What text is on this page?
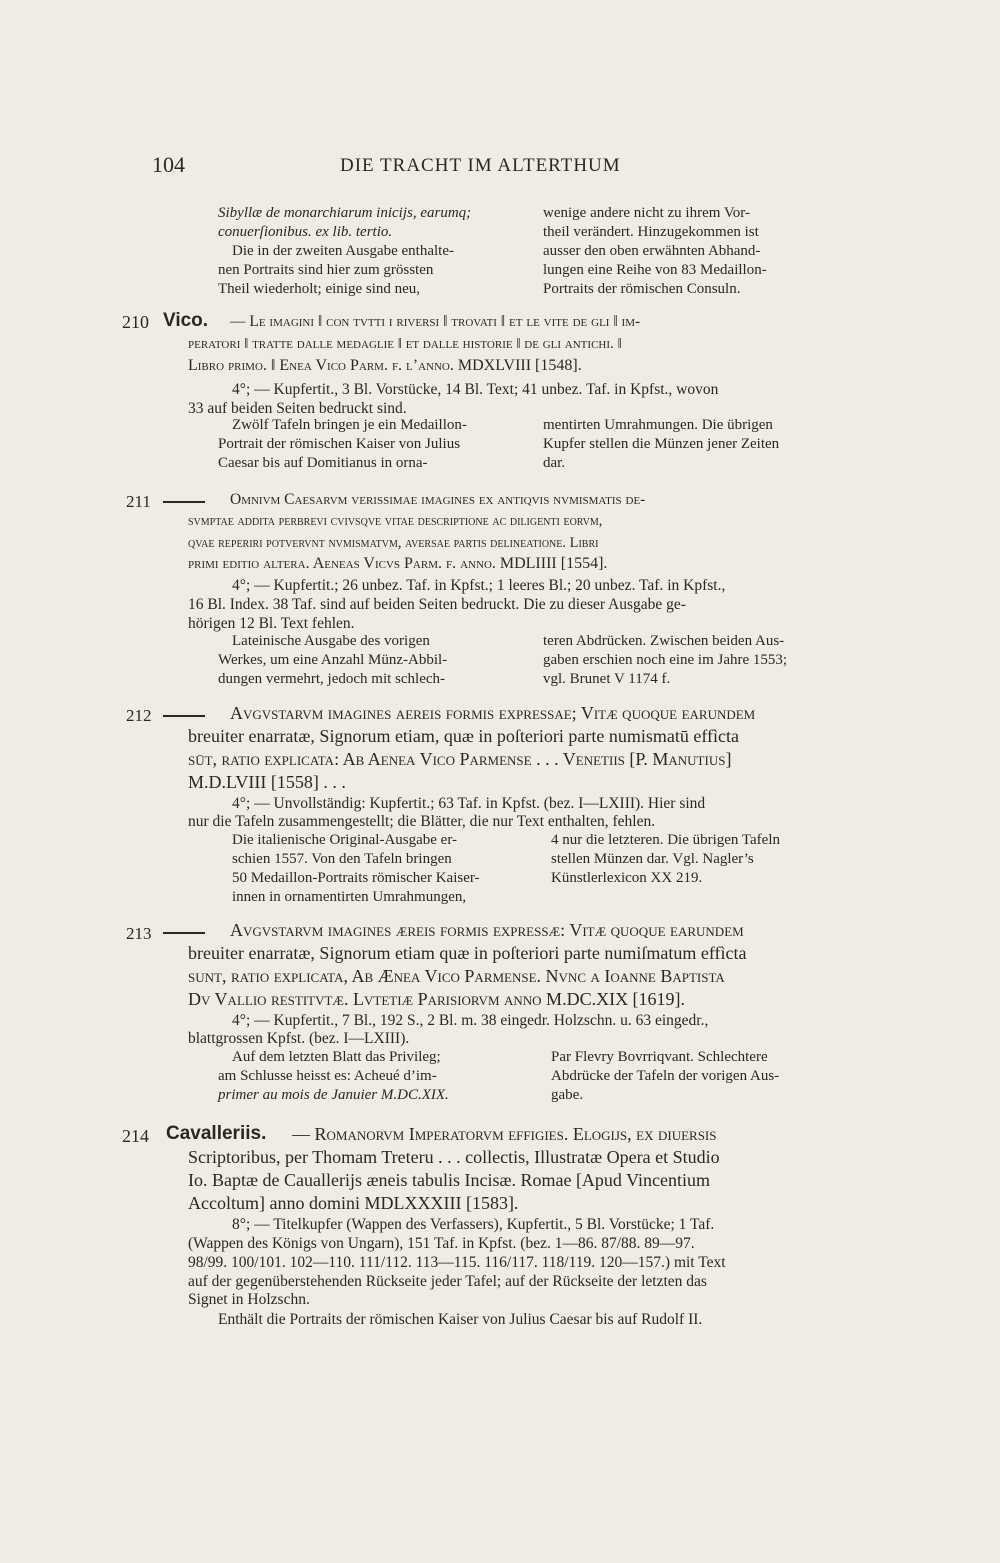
104	DIE TRACHT IM ALTERTHUM
Sibyllæ de monarchiarum inicijs, earumq;
conuerſionibus. ex lib. tertio.
Die in der zweiten Ausgabe enthalte-
nen Portraits sind hier zum grössten
Theil wiederholt; einige sind neu,
wenige andere nicht zu ihrem Vor-
theil verändert. Hinzugekommen ist
ausser den oben erwähnten Abhand-
lungen eine Reihe von 83 Medaillon-
Portraits der römischen Consuln.
210 Vico. — Le imagini ‖ con tvtti i riversi ‖ trovati ‖ et le vite de gli ‖ im-
peratori ‖ tratte dalle medaglie ‖ et dalle historie ‖ de gli antichi. ‖
Libro primo. ‖ Enea Vico Parm. f. l’anno. MDXLVIII [1548].
4°; — Kupfertit., 3 Bl. Vorstücke, 14 Bl. Text; 41 unbez. Taf. in Kpfst., wovon
33 auf beiden Seiten bedruckt sind.
Zwölf Tafeln bringen je ein Medaillon-
Portrait der römischen Kaiser von Julius
Caesar bis auf Domitianus in orna-
mentirten Umrahmungen. Die übrigen
Kupfer stellen die Münzen jener Zeiten
dar.
211	Omnivm Caesarvm verissimae imagines ex antiqvis nvmismatis de-
svmptae addita perbrevi cvivsqve vitae descriptione ac diligenti eorvm,
qvae reperiri potvervnt nvmismatvm, aversae partis delineatione. Libri
primi editio altera. Aeneas Vicvs Parm. f. anno. MDLIIII [1554].
4°; — Kupfertit.; 26 unbez. Taf. in Kpfst.; 1 leeres Bl.; 20 unbez. Taf. in Kpfst.,
16 Bl. Index. 38 Taf. sind auf beiden Seiten bedruckt. Die zu dieser Ausgabe ge-
hörigen 12 Bl. Text fehlen.
Lateinische Ausgabe des vorigen
Werkes, um eine Anzahl Münz-Abbil-
dungen vermehrt, jedoch mit schlech-
teren Abdrücken. Zwischen beiden Aus-
gaben erschien noch eine im Jahre 1553;
vgl. Brunet V 1174 f.
212	Avgvstarvm imagines aereis formis expressae; Vitæ quoque earundem
breuiter enarratæ, Signorum etiam, quæ in poſteriori parte numismatū effìcta
sūt, ratio explicata: Ab Aenea Vico Parmense . . . Venetiis [P. Manutius]
M.D.LVIII [1558] . . .
4°; — Unvollständig: Kupfertit.; 63 Taf. in Kpfst. (bez. I—LXIII). Hier sind
nur die Tafeln zusammengestellt; die Blätter, die nur Text enthalten, fehlen.
Die italienische Original-Ausgabe er-
schien 1557. Von den Tafeln bringen
50 Medaillon-Portraits römischer Kaiser-
innen in ornamentirten Umrahmungen,
4 nur die letzteren. Die übrigen Tafeln
stellen Münzen dar. Vgl. Nagler’s
Künstlerlexicon XX 219.
213	Avgvstarvm imagines æreis formis expressæ: Vitæ quoque earundem
breuiter enarratæ, Signorum etiam quæ in poſteriori parte numiſmatum effìcta
sunt, ratio explicata, Ab Ænea Vico Parmense. Nvnc a Ioanne Baptista
Dv Vallio restitvtæ. Lvtetiæ Parisiorvm anno M.DC.XIX [1619].
4°; — Kupfertit., 7 Bl., 192 S., 2 Bl. m. 38 eingedr. Holzschn. u. 63 eingedr.,
blattgrossen Kpfst. (bez. I—LXIII).
Auf dem letzten Blatt das Privileg;
am Schlusse heisst es: Acheué d’im-
primer au mois de Januier M.DC.XIX.
Par Flevry Bovrriqvant. Schlechtere
Abdrücke der Tafeln der vorigen Aus-
gabe.
214 Cavalleriis. — Romanorvm Imperatorvm effigies. Elogijs, ex diuersis
Scriptoribus, per Thomam Treteru . . . collectis, Illustratæ Opera et Studio
Io. Baptæ de Cauallerijs æneis tabulis Incisæ. Romae [Apud Vincentium
Accoltum] anno domini MDLXXXIII [1583].
8°; — Titelkupfer (Wappen des Verfassers), Kupfertit., 5 Bl. Vorstücke; 1 Taf.
(Wappen des Königs von Ungarn), 151 Taf. in Kpfst. (bez. 1—86. 87/88. 89—97.
98/99. 100/101. 102—110. 111/112. 113—115. 116/117. 118/119. 120—157.) mit Text
auf der gegenüberstehenden Rückseite jeder Tafel; auf der Rückseite der letzten das
Signet in Holzschn.
Enthält die Portraits der römischen Kaiser von Julius Caesar bis auf Rudolf II.
